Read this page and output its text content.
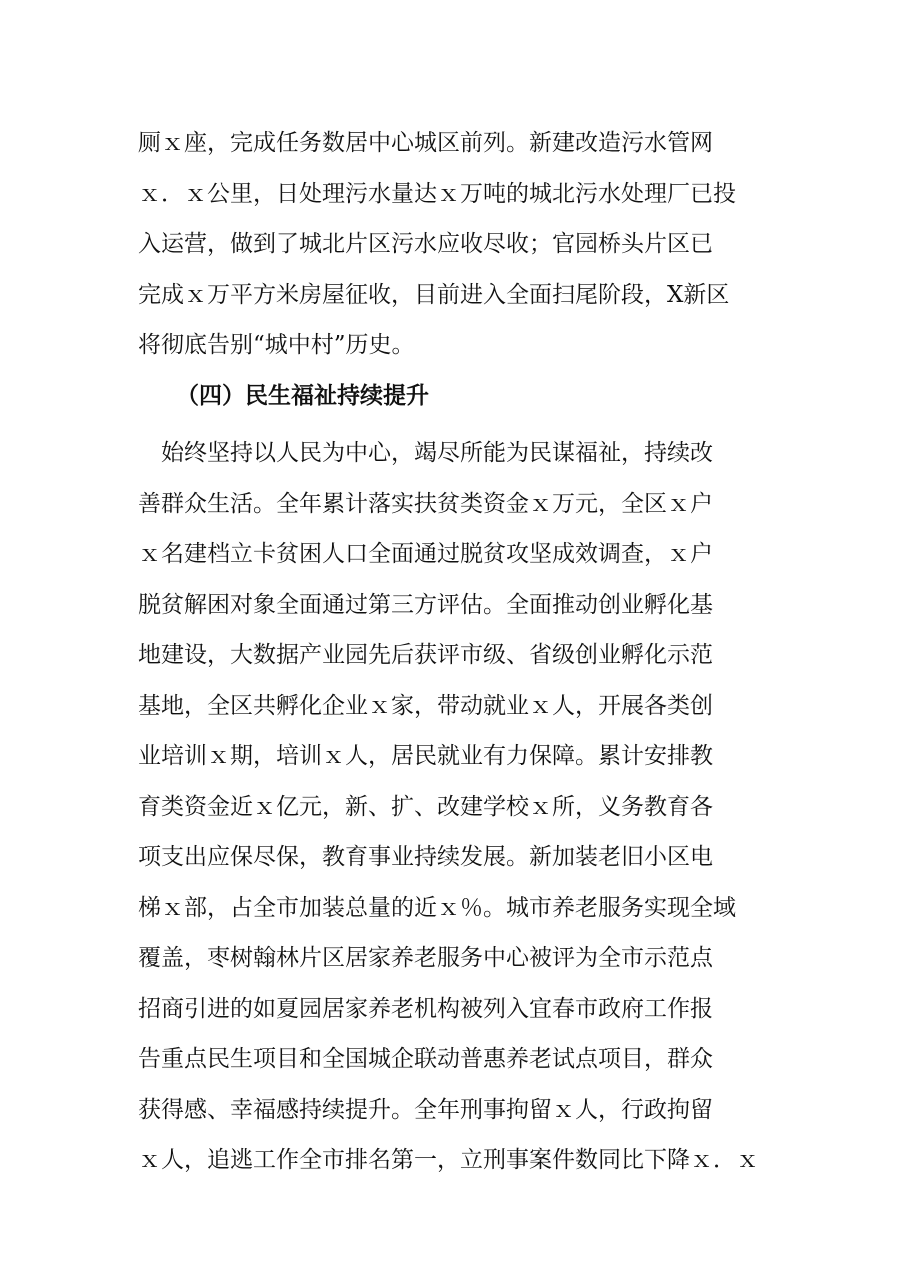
厕ｘ座，完成任务数居中心城区前列。新建改造污水管网
ｘ．ｘ公里，日处理污水量达ｘ万吨的城北污水处理厂已投
入运营，做到了城北片区污水应收尽收；官园桥头片区已
完成ｘ万平方米房屋征收，目前进入全面扫尾阶段，X新区
将彻底告别“城中村”历史。
（四）民生福祉持续提升
　始终坚持以人民为中心，竭尽所能为民谋福祉，持续改
善群众生活。全年累计落实扶贫类资金ｘ万元，全区ｘ户
ｘ名建档立卡贫困人口全面通过脱贫攻坚成效调查，ｘ户
脱贫解困对象全面通过第三方评估。全面推动创业孵化基
地建设，大数据产业园先后获评市级、省级创业孵化示范
基地，全区共孵化企业ｘ家，带动就业ｘ人，开展各类创
业培训ｘ期，培训ｘ人，居民就业有力保障。累计安排教
育类资金近ｘ亿元，新、扩、改建学校ｘ所，义务教育各
项支出应保尽保，教育事业持续发展。新加装老旧小区电
梯ｘ部，占全市加装总量的近ｘ％。城市养老服务实现全域
覆盖，枣树翰林片区居家养老服务中心被评为全市示范点
招商引进的如夏园居家养老机构被列入宜春市政府工作报
告重点民生项目和全国城企联动普惠养老试点项目，群众
获得感、幸福感持续提升。全年刑事拘留ｘ人，行政拘留
ｘ人，追逃工作全市排名第一，立刑事案件数同比下降ｘ．ｘ
